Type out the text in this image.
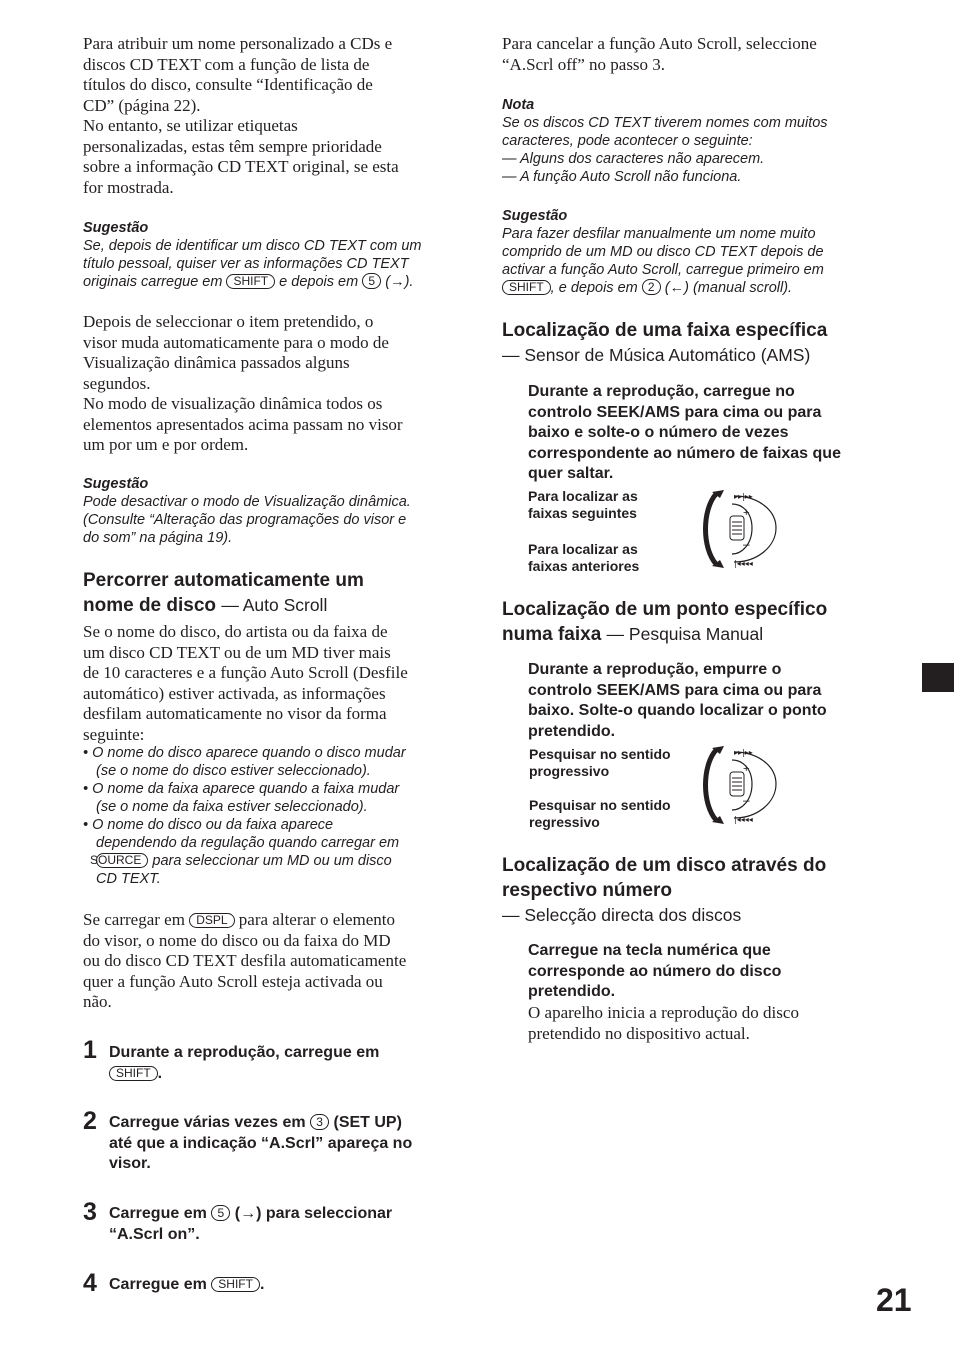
Para atribuir um nome personalizado a CDs e
discos CD TEXT com a função de lista de
títulos do disco, consulte “Identificação de
CD” (página 22).
No entanto, se utilizar etiquetas
personalizadas, estas têm sempre prioridade
sobre a informação CD TEXT original, se esta
for mostrada.
Sugestão
Se, depois de identificar um disco CD TEXT com um
título pessoal, quiser ver as informações CD TEXT
originais carregue em SHIFT e depois em 5 (→).
Depois de seleccionar o item pretendido, o
visor muda automaticamente para o modo de
Visualização dinâmica passados alguns
segundos.
No modo de visualização dinâmica todos os
elementos apresentados acima passam no visor
um por um e por ordem.
Sugestão
Pode desactivar o modo de Visualização dinâmica.
(Consulte “Alteração das programações do visor e
do som” na página 19).
Percorrer automaticamente um
nome de disco — Auto Scroll
Se o nome do disco, do artista ou da faixa de
um disco CD TEXT ou de um MD tiver mais
de 10 caracteres e a função Auto Scroll (Desfile
automático) estiver activada, as informações
desfilam automaticamente no visor da forma
seguinte:
• O nome do disco aparece quando o disco mudar
(se o nome do disco estiver seleccionado).
• O nome da faixa aparece quando a faixa mudar
(se o nome da faixa estiver seleccionado).
• O nome do disco ou da faixa aparece
dependendo da regulação quando carregar em
SOURCE para seleccionar um MD ou um disco
CD TEXT.
Se carregar em DSPL para alterar o elemento
do visor, o nome do disco ou da faixa do MD
ou do disco CD TEXT desfila automaticamente
quer a função Auto Scroll esteja activada ou
não.
1 Durante a reprodução, carregue em
SHIFT .
2 Carregue várias vezes em 3 (SET UP)
até que a indicação “A.Scrl” apareça no
visor.
3 Carregue em 5 (→) para seleccionar
“A.Scrl on”.
4 Carregue em SHIFT .
Para cancelar a função Auto Scroll, seleccione
“A.Scrl off” no passo 3.
Nota
Se os discos CD TEXT tiverem nomes com muitos
caracteres, pode acontecer o seguinte:
— Alguns dos caracteres não aparecem.
— A função Auto Scroll não funciona.
Sugestão
Para fazer desfilar manualmente um nome muito
comprido de um MD ou disco CD TEXT depois de
activar a função Auto Scroll, carregue primeiro em
SHIFT , e depois em 2 (←) (manual scroll).
Localização de uma faixa específica
— Sensor de Música Automático (AMS)
Durante a reprodução, carregue no
controlo SEEK/AMS para cima ou para
baixo e solte-o o número de vezes
correspondente ao número de faixas que
quer saltar.
Para localizar as
faixas seguintes
Para localizar as
faixas anteriores
+
–
▸▸|▸▸
|◂◂◂◂
Localização de um ponto específico
numa faixa — Pesquisa Manual
Durante a reprodução, empurre o
controlo SEEK/AMS para cima ou para
baixo. Solte-o quando localizar o ponto
pretendido.
Pesquisar no sentido
progressivo
Pesquisar no sentido
regressivo
+
–
▸▸|▸▸
|◂◂◂◂
Localização de um disco através do
respectivo número
— Selecção directa dos discos
Carregue na tecla numérica que
corresponde ao número do disco
pretendido.
O aparelho inicia a reprodução do disco
pretendido no dispositivo actual.
21
